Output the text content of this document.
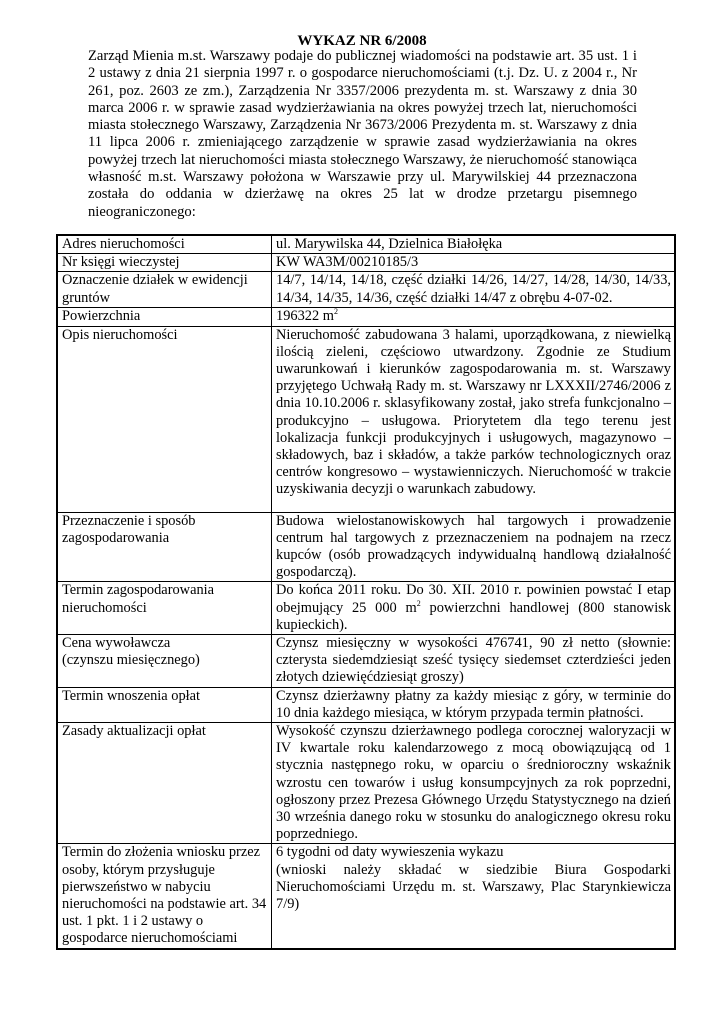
WYKAZ NR 6/2008
Zarząd Mienia m.st. Warszawy podaje do publicznej wiadomości na podstawie art. 35 ust. 1 i 2 ustawy z dnia 21 sierpnia 1997 r. o gospodarce nieruchomościami (t.j. Dz. U. z 2004 r., Nr 261, poz. 2603 ze zm.), Zarządzenia Nr 3357/2006 prezydenta m. st. Warszawy z dnia 30 marca 2006 r. w sprawie zasad wydzierżawiania na okres powyżej trzech lat, nieruchomości miasta stołecznego Warszawy, Zarządzenia Nr 3673/2006 Prezydenta m. st. Warszawy z dnia 11 lipca 2006 r. zmieniającego zarządzenie w sprawie zasad wydzierżawiania na okres powyżej trzech lat nieruchomości miasta stołecznego Warszawy, że nieruchomość stanowiąca własność m.st. Warszawy położona w Warszawie przy ul. Marywilskiej 44 przeznaczona została do oddania w dzierżawę na okres 25 lat w drodze przetargu pisemnego nieograniczonego:
Adres nieruchomości	ul. Marywilska 44, Dzielnica Białołęka
Nr księgi wieczystej	KW WA3M/00210185/3
Oznaczenie działek w ewidencji gruntów	14/7, 14/14, 14/18, część działki 14/26, 14/27, 14/28, 14/30, 14/33, 14/34, 14/35, 14/36, część działki 14/47 z obrębu 4-07-02.
Powierzchnia	196322 $m^2$
Opis nieruchomości	Nieruchomość zabudowana 3 halami, uporządkowana, z niewielką ilością zieleni, częściowo utwardzony. Zgodnie ze Studium uwarunkowań i kierunków zagospodarowania m. st. Warszawy przyjętego Uchwałą Rady m. st. Warszawy nr LXXXII/2746/2006 z dnia 10.10.2006 r. sklasyfikowany został, jako strefa funkcjonalno – produkcyjno – usługowa. Priorytetem dla tego terenu jest lokalizacja funkcji produkcyjnych i usługowych, magazynowo – składowych, baz i składów, a także parków technologicznych oraz centrów kongresowo – wystawienniczych. Nieruchomość w trakcie uzyskiwania decyzji o warunkach zabudowy.
Przeznaczenie i sposób zagospodarowania	Budowa wielostanowiskowych hal targowych i prowadzenie centrum hal targowych z przeznaczeniem na podnajem na rzecz kupców (osób prowadzących indywidualną handlową działalność gospodarczą).
Termin zagospodarowania nieruchomości	Do końca 2011 roku. Do 30. XII. 2010 r. powinien powstać I etap obejmujący 25 000 $m^2$ powierzchni handlowej (800 stanowisk kupieckich).
Cena wywoławcza
(czynszu miesięcznego)	Czynsz miesięczny w wysokości 476741, 90 zł netto (słownie: czterysta siedemdziesiąt sześć tysięcy siedemset czterdzieści jeden złotych dziewięćdziesiąt groszy)
Termin wnoszenia opłat	Czynsz dzierżawny płatny za każdy miesiąc z góry, w terminie do 10 dnia każdego miesiąca, w którym przypada termin płatności.
Zasady aktualizacji opłat	Wysokość czynszu dzierżawnego podlega corocznej waloryzacji w IV kwartale roku kalendarzowego z mocą obowiązującą od 1 stycznia następnego roku, w oparciu o średnioroczny wskaźnik wzrostu cen towarów i usług konsumpcyjnych za rok poprzedni, ogłoszony przez Prezesa Głównego Urzędu Statystycznego na dzień 30 września danego roku w stosunku do analogicznego okresu roku poprzedniego.
Termin do złożenia wniosku przez osoby, którym przysługuje pierwszeństwo w nabyciu nieruchomości na podstawie art. 34 ust. 1 pkt. 1 i 2 ustawy o gospodarce nieruchomościami	6 tygodni od daty wywieszenia wykazu
(wnioski należy składać w siedzibie Biura Gospodarki Nieruchomościami Urzędu m. st. Warszawy, Plac Starynkiewicza 7/9)
